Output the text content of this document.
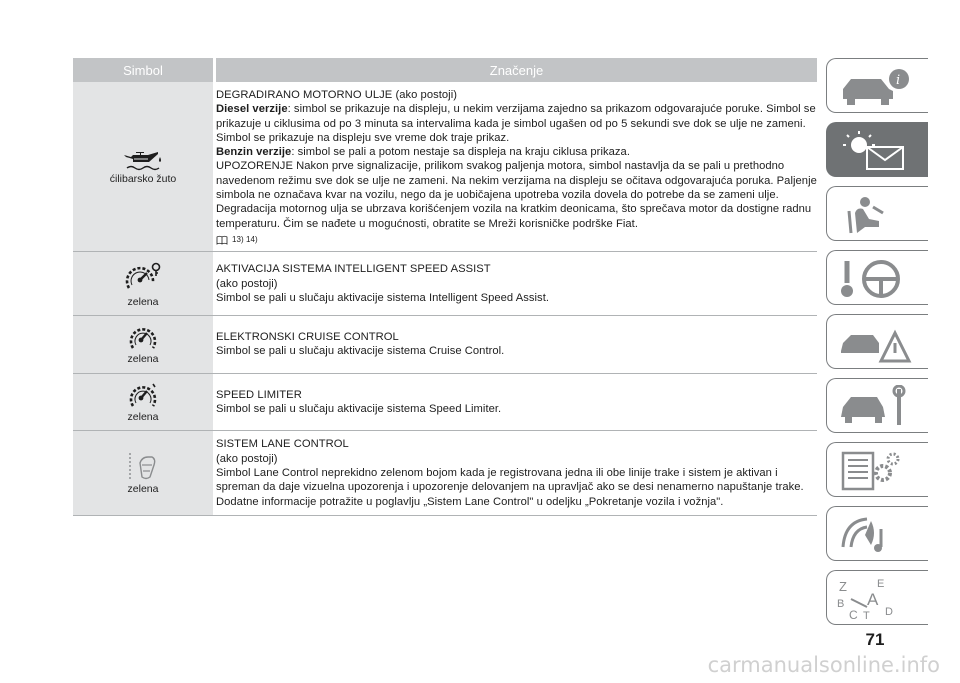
Simbol	Značenje
ćilibarsko žuto

DEGRADIRANO MOTORNO ULJE (ako postoji)

Diesel verzije: simbol se prikazuje na displeju, u nekim verzijama zajedno sa prikazom odgovarajuće poruke. Simbol se prikazuje u ciklusima od po 3 minuta sa intervalima kada je simbol ugašen od po 5 sekundi sve dok se ulje ne zameni. Simbol se prikazuje na displeju sve vreme dok traje prikaz.

Benzin verzije: simbol se pali a potom nestaje sa displeja na kraju ciklusa prikaza.

UPOZORENJE Nakon prve signalizacije, prilikom svakog paljenja motora, simbol nastavlja da se pali u prethodno navedenom režimu sve dok se ulje ne zameni. Na nekim verzijama na displeju se očitava odgovarajuća poruka. Paljenje simbola ne označava kvar na vozilu, nego da je uobičajena upotreba vozila dovela do potrebe da se zameni ulje. Degradacija motornog ulja se ubrzava korišćenjem vozila na kratkim deonicama, što sprečava motor da dostigne radnu temperaturu. Čim se nađete u mogućnosti, obratite se Mreži korisničke podrške Fiat.

13) 14)
zelena

AKTIVACIJA SISTEMA INTELLIGENT SPEED ASSIST

(ako postoji)

Simbol se pali u slučaju aktivacije sistema Intelligent Speed Assist.

zelena

ELEKTRONSKI CRUISE CONTROL

Simbol se pali u slučaju aktivacije sistema Cruise Control.

zelena

SPEED LIMITER

Simbol se pali u slučaju aktivacije sistema Speed Limiter.

zelena

SISTEM LANE CONTROL

(ako postoji)

Simbol Lane Control neprekidno zelenom bojom kada je registrovana jedna ili obe linije trake i sistem je aktivan i spreman da daje vizuelna upozorenja i upozorenje delovanjem na upravljač ako se desi nenamerno napuštanje trake.

Dodatne informacije potražite u poglavlju „Sistem Lane Control" u odeljku „Pokretanje vozila i vožnja".

i
Z	E
B A
C D
T
71
carmanualsonline.info
